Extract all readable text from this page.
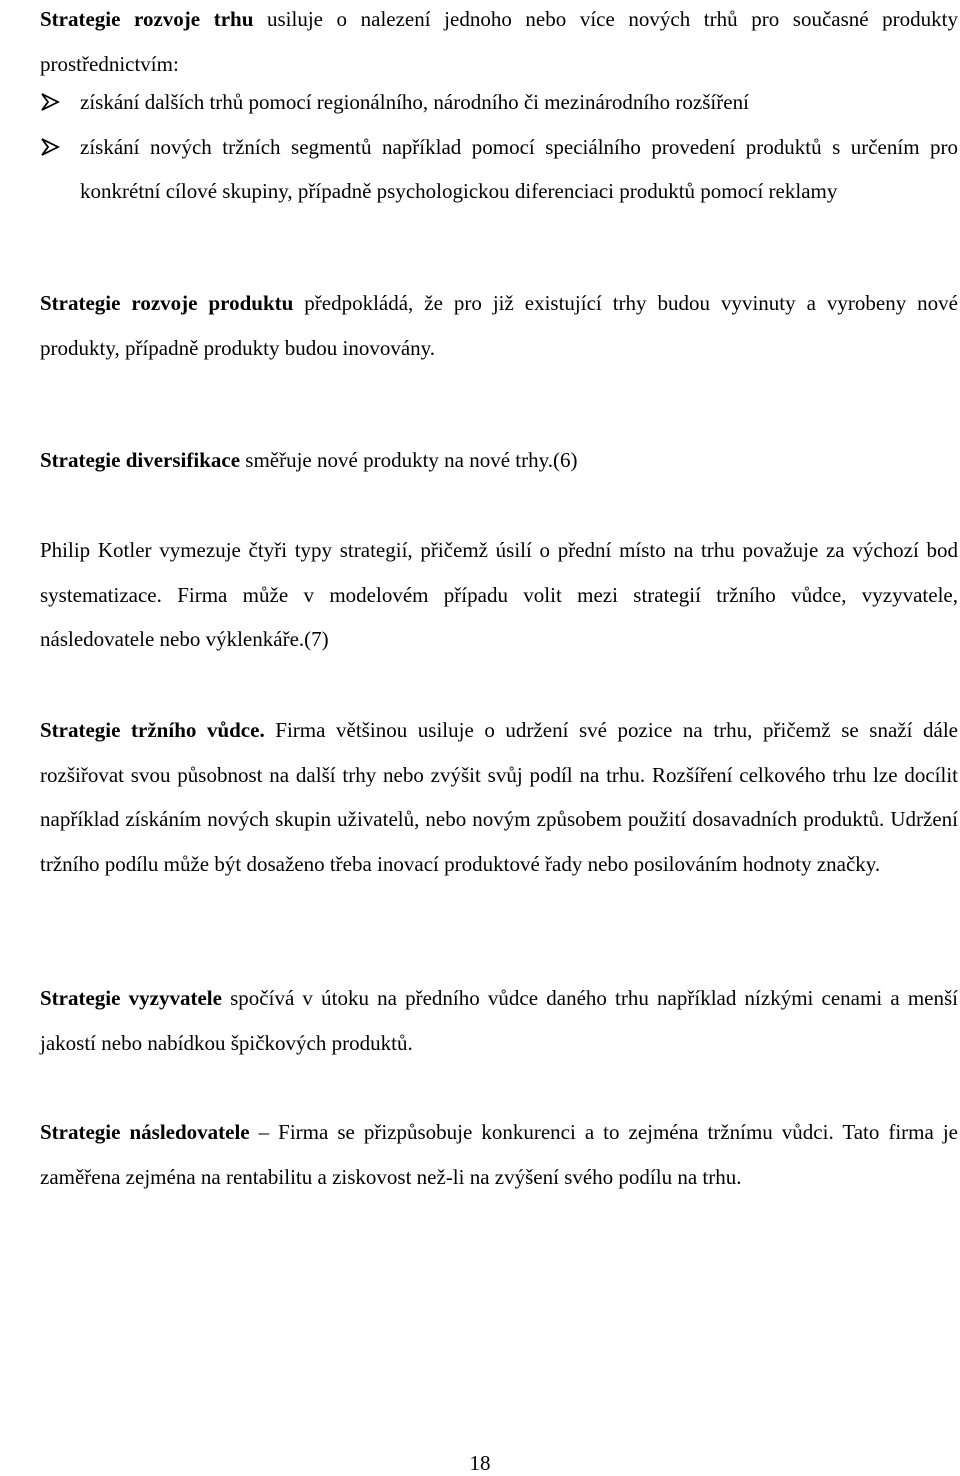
Strategie rozvoje trhu usiluje o nalezení jednoho nebo více nových trhů pro současné produkty prostřednictvím:

získání dalších trhů pomocí regionálního, národního či mezinárodního rozšíření
získání nových tržních segmentů například pomocí speciálního provedení produktů s určením pro konkrétní cílové skupiny, případně psychologickou diferenciaci produktů pomocí reklamy

Strategie rozvoje produktu předpokládá, že pro již existující trhy budou vyvinuty a vyrobeny nové produkty, případně produkty budou inovovány.

Strategie diversifikace směřuje nové produkty na nové trhy.(6)

Philip Kotler vymezuje čtyři typy strategií, přičemž úsilí o přední místo na trhu považuje za výchozí bod systematizace. Firma může v modelovém případu volit mezi strategií tržního vůdce, vyzyvatele, následovatele nebo výklenkáře.(7)

Strategie tržního vůdce. Firma většinou usiluje o udržení své pozice na trhu, přičemž se snaží dále rozšiřovat svou působnost na další trhy nebo zvýšit svůj podíl na trhu. Rozšíření celkového trhu lze docílit například získáním nových skupin uživatelů, nebo novým způsobem použití dosavadních produktů. Udržení tržního podílu může být dosaženo třeba inovací produktové řady nebo posilováním hodnoty značky.

Strategie vyzyvatele spočívá v útoku na předního vůdce daného trhu například nízkými cenami a menší jakostí nebo nabídkou špičkových produktů.

Strategie následovatele – Firma se přizpůsobuje konkurenci a to zejména tržnímu vůdci. Tato firma je zaměřena zejména na rentabilitu a ziskovost než-li na zvýšení svého podílu na trhu.

18
